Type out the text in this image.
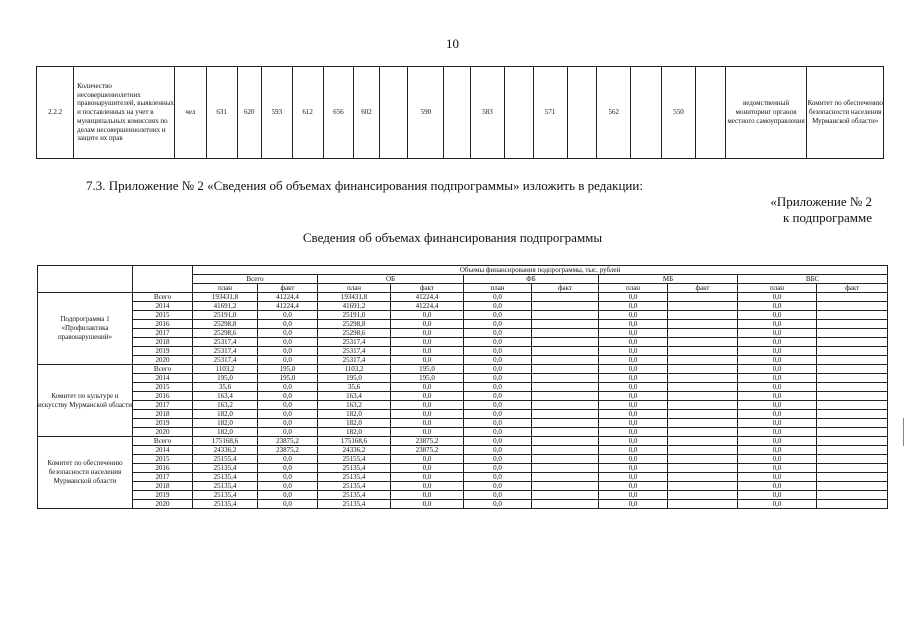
10
2.2.2	Количество несовершеннолетних правонарушителей, выявленных и поставленных на учет в муниципальных комиссиях по делам несовершеннолетних и защите их прав	чел	631	620	593	612	656	602		590		583		571		562		550		ведомственный мониторинг органов местного самоуправления	Комитет по обеспечению безопасности населения Мурманской области»
7.3. Приложение № 2 «Сведения об объемах финансирования подпрограммы» изложить в редакции:
«Приложение № 2
к подпрограмме
Сведения об объемах финансирования подпрограммы
		Объемы финансирования подпрограммы, тыс. рублей									
		Всего		ОБ		ФБ		МБ		ВБС	
		план	факт	план	факт	план	факт	план	факт	план	факт
Подпрограмма 1 «Профилактика правонарушений»	Всего	193431,8	41224,4	193431,8	41224,4	0,0		0,0		0,0	
	2014	41691,2	41224,4	41691,2	41224,4	0,0		0,0		0,0	
	2015	25191,0	0,0	25191,0	0,0	0,0		0,0		0,0	
	2016	25298,8	0,0	25298,8	0,0	0,0		0,0		0,0	
	2017	25298,6	0,0	25298,6	0,0	0,0		0,0		0,0	
	2018	25317,4	0,0	25317,4	0,0	0,0		0,0		0,0	
	2019	25317,4	0,0	25317,4	0,0	0,0		0,0		0,0	
	2020	25317,4	0,0	25317,4	0,0	0,0		0,0		0,0	
Комитет по культуре и искусству Мурманской области	Всего	1103,2	195,0	1103,2	195,0	0,0		0,0		0,0	
	2014	195,0	195,0	195,0	195,0	0,0		0,0		0,0	
	2015	35,6	0,0	35,6	0,0	0,0		0,0		0,0	
	2016	163,4	0,0	163,4	0,0	0,0		0,0		0,0	
	2017	163,2	0,0	163,2	0,0	0,0		0,0		0,0	
	2018	182,0	0,0	182,0	0,0	0,0		0,0		0,0	
	2019	182,0	0,0	182,0	0,0	0,0		0,0		0,0	
	2020	182,0	0,0	182,0	0,0	0,0		0,0		0,0	
Комитет по обеспечению безопасности населения Мурманской области	Всего	175168,6	23875,2	175168,6	23875,2	0,0		0,0		0,0	
	2014	24336,2	23875,2	24336,2	23875,2	0,0		0,0		0,0	
	2015	25155,4	0,0	25155,4	0,0	0,0		0,0		0,0	
	2016	25135,4	0,0	25135,4	0,0	0,0		0,0		0,0	
	2017	25135,4	0,0	25135,4	0,0	0,0		0,0		0,0	
	2018	25135,4	0,0	25135,4	0,0	0,0		0,0		0,0	
	2019	25135,4	0,0	25135,4	0,0	0,0		0,0		0,0	
	2020	25135,4	0,0	25135,4	0,0	0,0		0,0		0,0	
